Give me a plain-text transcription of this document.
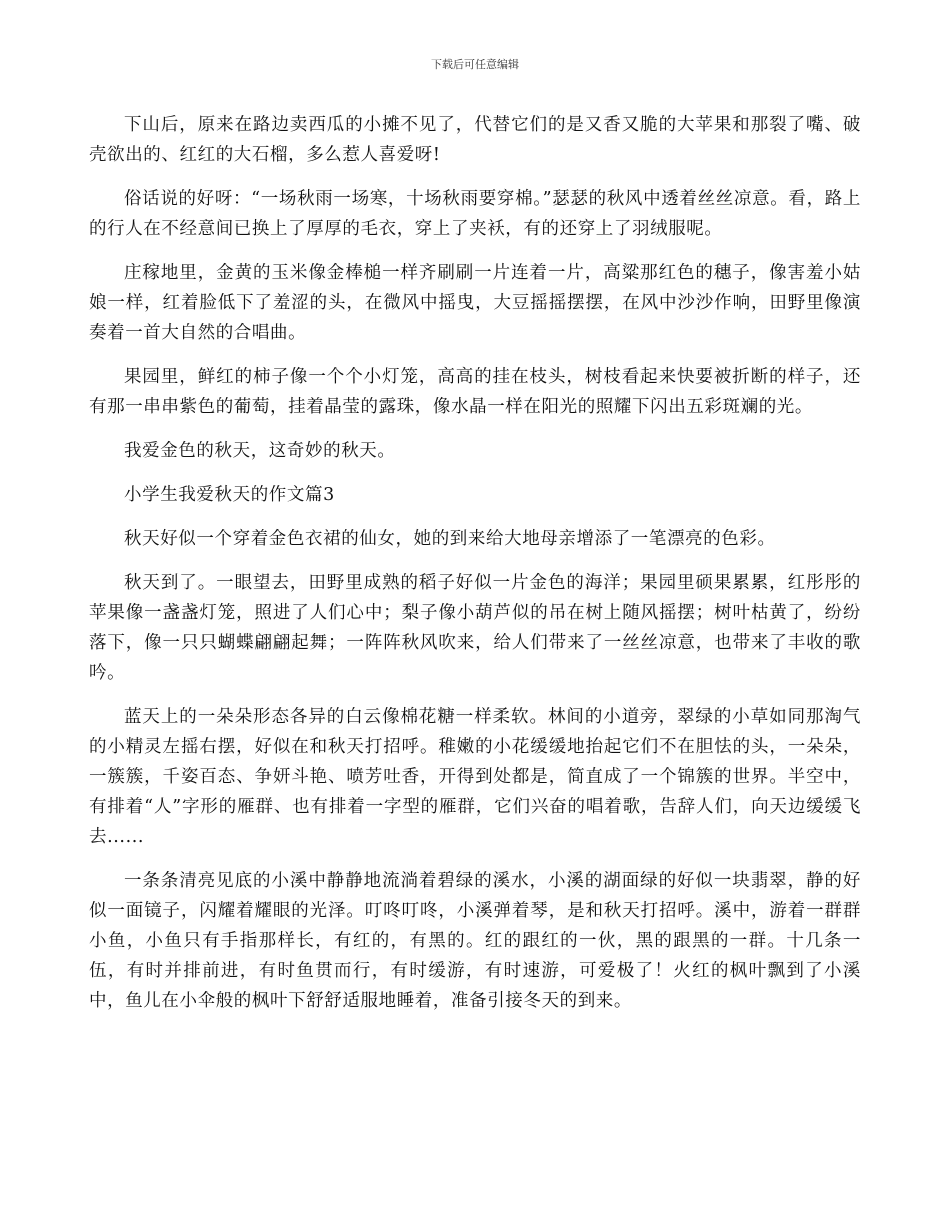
下载后可任意编辑

下山后，原来在路边卖西瓜的小摊不见了，代替它们的是又香又脆的大苹果和那裂了嘴、破壳欲出的、红红的大石榴，多么惹人喜爱呀!

俗话说的好呀：“一场秋雨一场寒，十场秋雨要穿棉。”瑟瑟的秋风中透着丝丝凉意。看，路上的行人在不经意间已换上了厚厚的毛衣，穿上了夹袄，有的还穿上了羽绒服呢。

庄稼地里，金黄的玉米像金棒槌一样齐刷刷一片连着一片，高粱那红色的穗子，像害羞小姑娘一样，红着脸低下了羞涩的头，在微风中摇曳，大豆摇摇摆摆，在风中沙沙作响，田野里像演奏着一首大自然的合唱曲。

果园里，鲜红的柿子像一个个小灯笼，高高的挂在枝头，树枝看起来快要被折断的样子，还有那一串串紫色的葡萄，挂着晶莹的露珠，像水晶一样在阳光的照耀下闪出五彩斑斓的光。

我爱金色的秋天，这奇妙的秋天。

小学生我爱秋天的作文篇3

秋天好似一个穿着金色衣裙的仙女，她的到来给大地母亲增添了一笔漂亮的色彩。

秋天到了。一眼望去，田野里成熟的稻子好似一片金色的海洋；果园里硕果累累，红彤彤的苹果像一盏盏灯笼，照进了人们心中；梨子像小葫芦似的吊在树上随风摇摆；树叶枯黄了，纷纷落下，像一只只蝴蝶翩翩起舞；一阵阵秋风吹来，给人们带来了一丝丝凉意，也带来了丰收的歌吟。

蓝天上的一朵朵形态各异的白云像棉花糖一样柔软。林间的小道旁，翠绿的小草如同那淘气的小精灵左摇右摆，好似在和秋天打招呼。稚嫩的小花缓缓地抬起它们不在胆怯的头，一朵朵，一簇簇，千姿百态、争妍斗艳、喷芳吐香，开得到处都是，简直成了一个锦簇的世界。半空中，有排着“人”字形的雁群、也有排着一字型的雁群，它们兴奋的唱着歌，告辞人们，向天边缓缓飞去......

一条条清亮见底的小溪中静静地流淌着碧绿的溪水，小溪的湖面绿的好似一块翡翠，静的好似一面镜子，闪耀着耀眼的光泽。叮咚叮咚，小溪弹着琴，是和秋天打招呼。溪中，游着一群群小鱼，小鱼只有手指那样长，有红的，有黑的。红的跟红的一伙，黑的跟黑的一群。十几条一伍，有时并排前进，有时鱼贯而行，有时缓游，有时速游，可爱极了！火红的枫叶飘到了小溪中，鱼儿在小伞般的枫叶下舒舒适服地睡着，准备引接冬天的到来。
